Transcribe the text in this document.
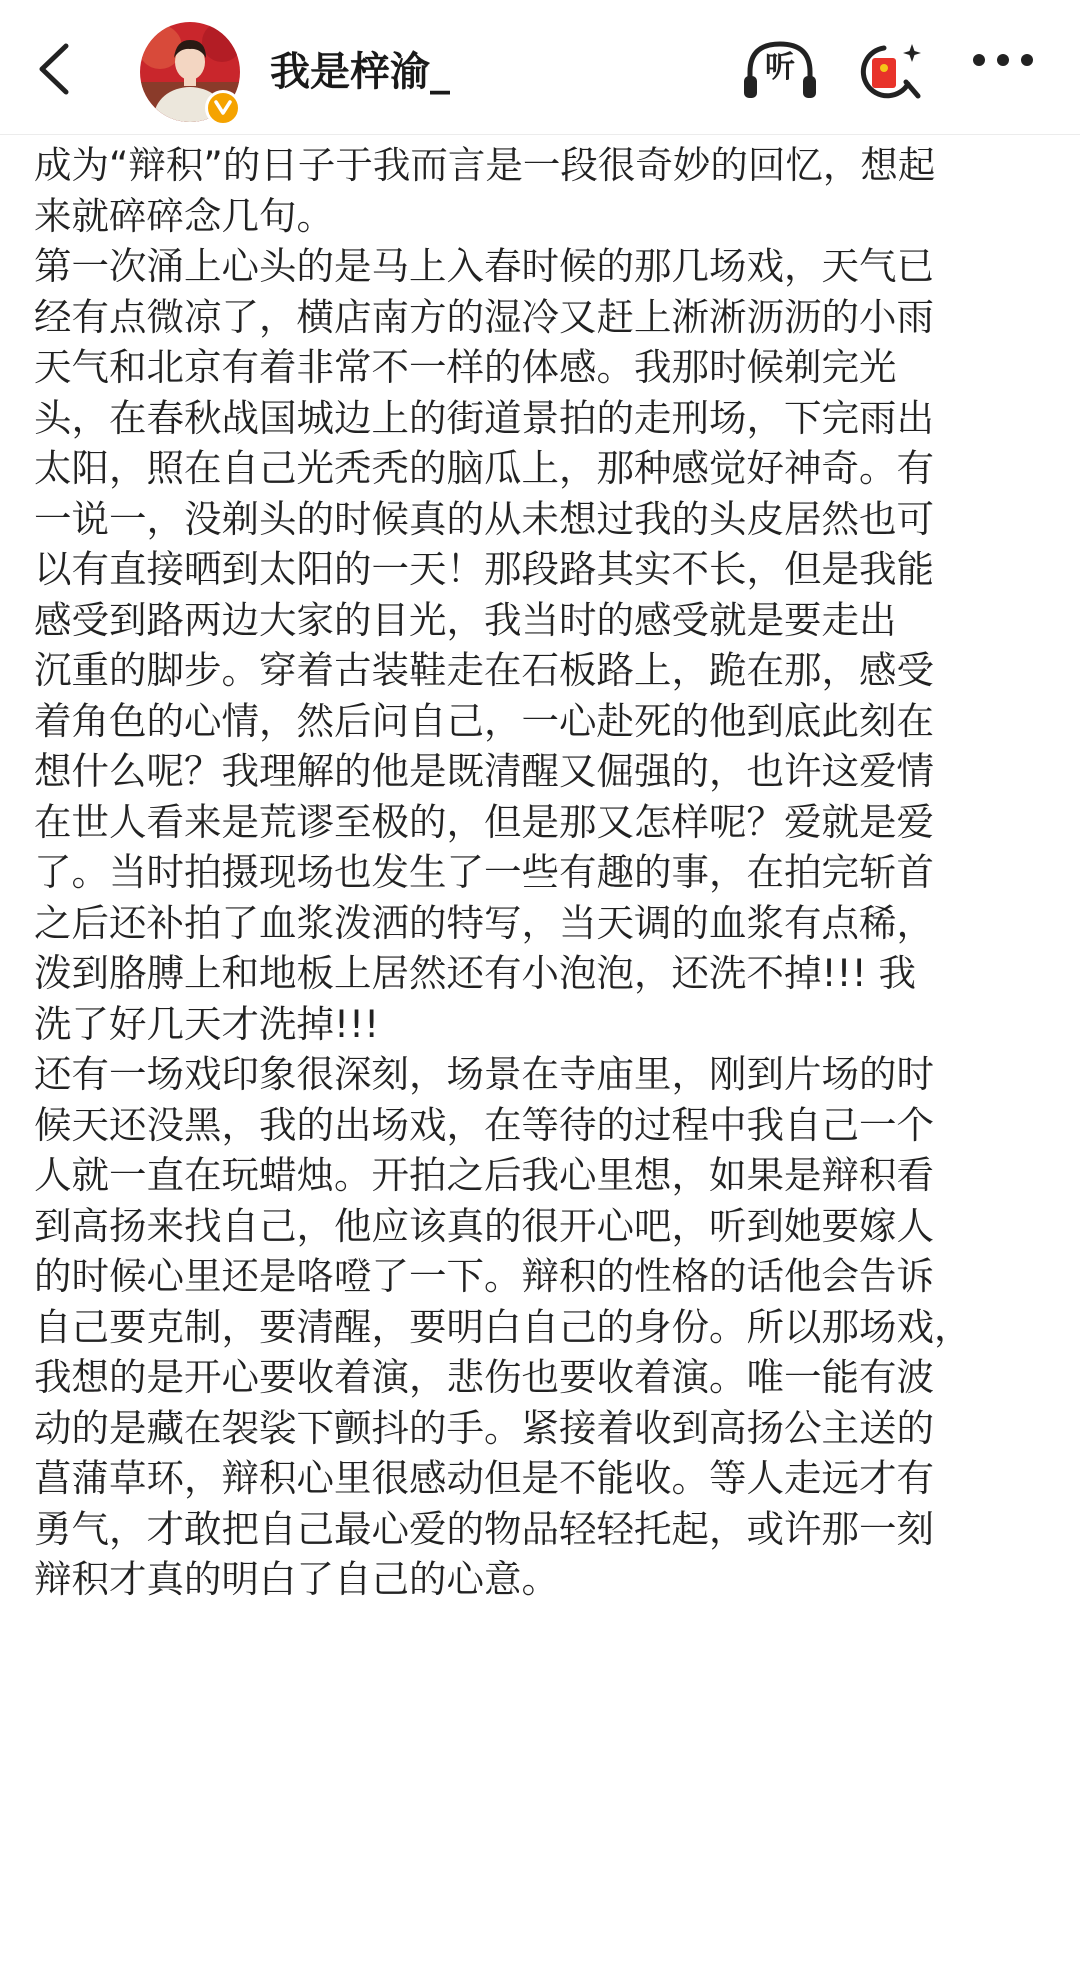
我是梓渝_	听

成为“辩积”的日子于我而言是一段很奇妙的回忆，想起
来就碎碎念几句。

第一次涌上心头的是马上入春时候的那几场戏，天气已
经有点微凉了，横店南方的湿冷又赶上淅淅沥沥的小雨
天气和北京有着非常不一样的体感。我那时候剃完光
头，在春秋战国城边上的街道景拍的走刑场，下完雨出
太阳，照在自己光秃秃的脑瓜上，那种感觉好神奇。有
一说一，没剃头的时候真的从未想过我的头皮居然也可
以有直接晒到太阳的一天！那段路其实不长，但是我能
感受到路两边大家的目光，我当时的感受就是要走出
沉重的脚步。穿着古装鞋走在石板路上，跪在那，感受
着角色的心情，然后问自己，一心赴死的他到底此刻在
想什么呢？我理解的他是既清醒又倔强的，也许这爱情
在世人看来是荒谬至极的，但是那又怎样呢？爱就是爱
了。当时拍摄现场也发生了一些有趣的事，在拍完斩首
之后还补拍了血浆泼洒的特写，当天调的血浆有点稀，
泼到胳膊上和地板上居然还有小泡泡，还洗不掉!!! 我
洗了好几天才洗掉!!!

还有一场戏印象很深刻，场景在寺庙里，刚到片场的时
候天还没黑，我的出场戏，在等待的过程中我自己一个
人就一直在玩蜡烛。开拍之后我心里想，如果是辩积看
到高扬来找自己，他应该真的很开心吧，听到她要嫁人
的时候心里还是咯噔了一下。辩积的性格的话他会告诉
自己要克制，要清醒，要明白自己的身份。所以那场戏，
我想的是开心要收着演，悲伤也要收着演。唯一能有波
动的是藏在袈裟下颤抖的手。紧接着收到高扬公主送的
菖蒲草环，辩积心里很感动但是不能收。等人走远才有
勇气，才敢把自己最心爱的物品轻轻托起，或许那一刻
辩积才真的明白了自己的心意。
